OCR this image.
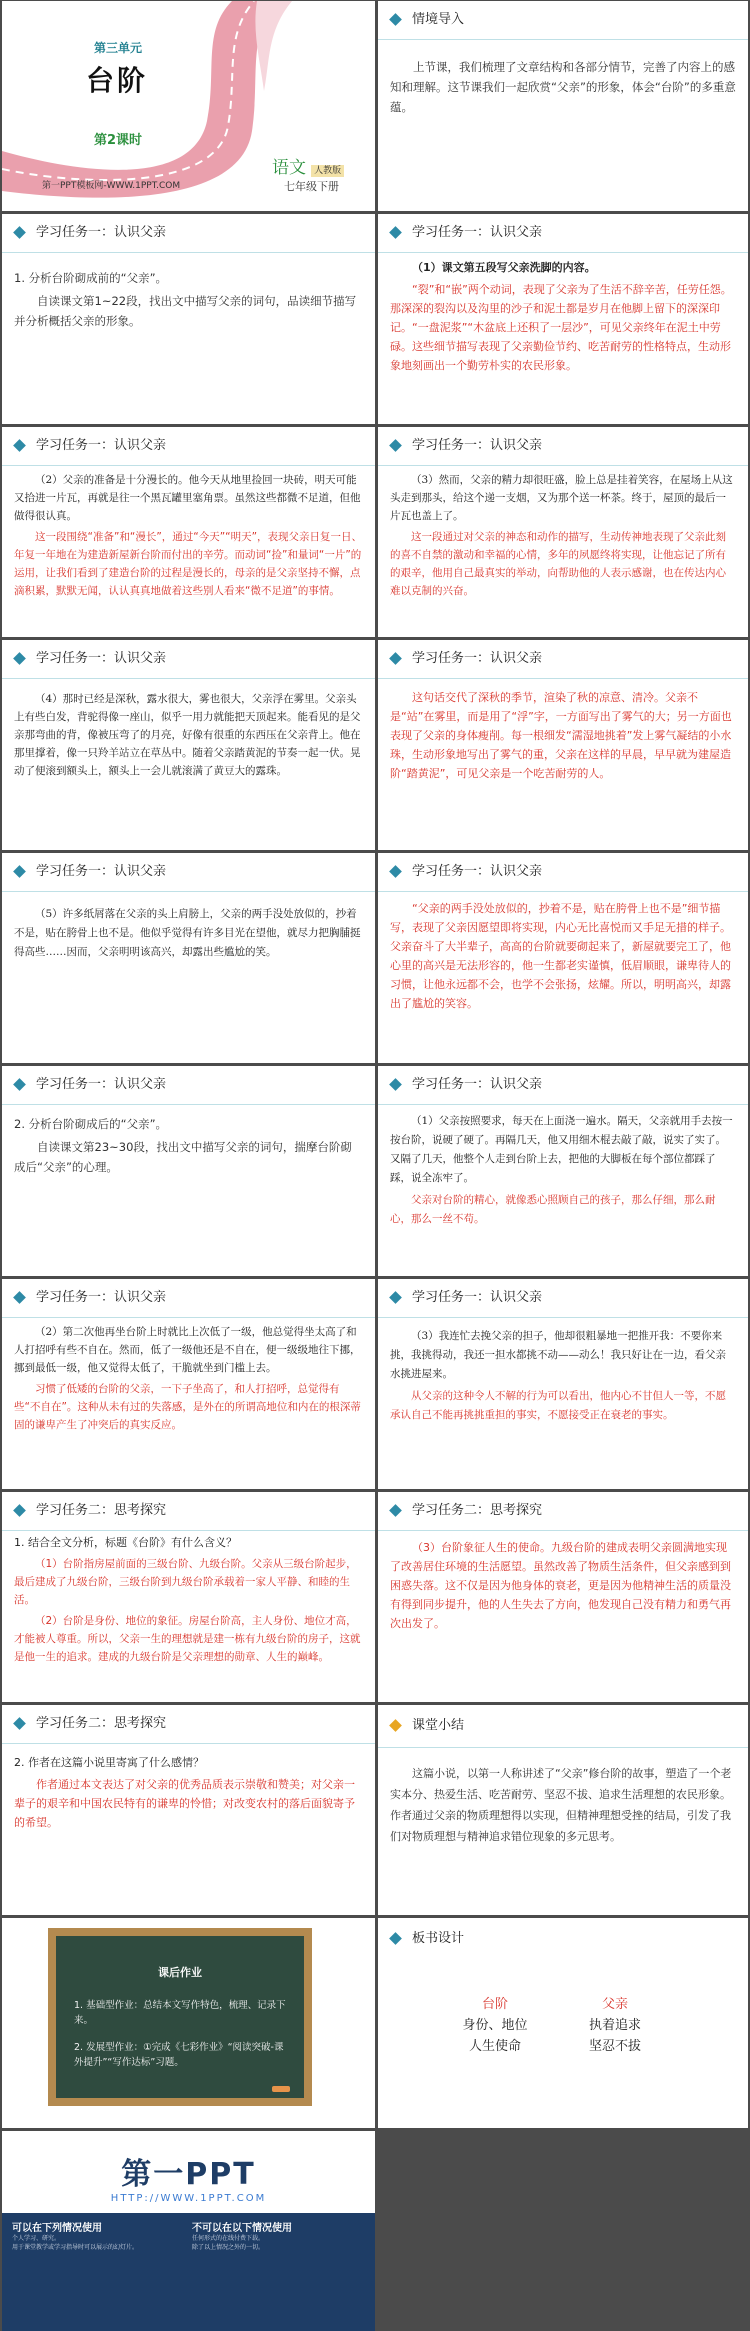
第三单元
台阶
第2课时
第一PPT模板网-WWW.1PPT.COM
语文 人教版
七年级下册
情境导入

上节课，我们梳理了文章结构和各部分情节，完善了内容上的感知和理解。这节课我们一起欣赏“父亲”的形象，体会“台阶”的多重意蕴。

学习任务一：认识父亲

1. 分析台阶砌成前的“父亲”。

自读课文第1~22段，找出文中描写父亲的词句，品读细节描写并分析概括父亲的形象。

学习任务一：认识父亲

（1）课文第五段写父亲洗脚的内容。

“裂”和“嵌”两个动词，表现了父亲为了生活不辞辛苦，任劳任怨。那深深的裂沟以及沟里的沙子和泥土都是岁月在他脚上留下的深深印记。“一盘泥浆”“木盆底上还积了一层沙”，可见父亲终年在泥土中劳碌。这些细节描写表现了父亲勤俭节约、吃苦耐劳的性格特点，生动形象地刻画出一个勤劳朴实的农民形象。

学习任务一：认识父亲

（2）父亲的准备是十分漫长的。他今天从地里捡回一块砖，明天可能又拾进一片瓦，再就是往一个黑瓦罐里塞角票。虽然这些都微不足道，但他做得很认真。

这一段围绕“准备”和“漫长”，通过“今天”“明天”，表现父亲日复一日、年复一年地在为建造新屋新台阶而付出的辛劳。而动词“捡”和量词“一片”的运用，让我们看到了建造台阶的过程是漫长的，母亲的是父亲坚持不懈，点滴积累，默默无闻，认认真真地做着这些别人看来“微不足道”的事情。

学习任务一：认识父亲

（3）然而，父亲的精力却很旺盛，脸上总是挂着笑容，在屋场上从这头走到那头，给这个递一支烟，又为那个送一杯茶。终于，屋顶的最后一片瓦也盖上了。

这一段通过对父亲的神态和动作的描写，生动传神地表现了父亲此刻的喜不自禁的激动和幸福的心情，多年的夙愿终将实现，让他忘记了所有的艰辛，他用自己最真实的举动，向帮助他的人表示感谢，也在传达内心难以克制的兴奋。

学习任务一：认识父亲

（4）那时已经是深秋，露水很大，雾也很大，父亲浮在雾里。父亲头上有些白发，背驼得像一座山，似乎一用力就能把天顶起来。能看见的是父亲那弯曲的背，像被压弯了的月亮，好像有很重的东西压在父亲背上。他在那里撑着，像一只羚羊站立在草丛中。随着父亲踏黄泥的节奏一起一伏。晃动了便滚到额头上，额头上一会儿就滚满了黄豆大的露珠。

学习任务一：认识父亲

这句话交代了深秋的季节，渲染了秋的凉意、清冷。父亲不是“站”在雾里，而是用了“浮”字，一方面写出了雾气的大；另一方面也表现了父亲的身体瘦削。每一根细发“濡湿地挑着”发上雾气凝结的小水珠，生动形象地写出了雾气的重，父亲在这样的早晨，早早就为建屋造阶“踏黄泥”，可见父亲是一个吃苦耐劳的人。

学习任务一：认识父亲

（5）许多纸屑落在父亲的头上肩膀上，父亲的两手没处放似的，抄着不是，贴在胯骨上也不是。他似乎觉得有许多目光在望他，就尽力把胸脯挺得高些……因而，父亲明明该高兴，却露出些尴尬的笑。

学习任务一：认识父亲

“父亲的两手没处放似的，抄着不是，贴在胯骨上也不是”细节描写，表现了父亲因愿望即将实现，内心无比喜悦而又手足无措的样子。父亲奋斗了大半辈子，高高的台阶就要砌起来了，新屋就要完工了，他心里的高兴是无法形容的，他一生都老实谨慎，低眉顺眼，谦卑待人的习惯，让他永远都不会，也学不会张扬，炫耀。所以，明明高兴，却露出了尴尬的笑容。

学习任务一：认识父亲

2. 分析台阶砌成后的“父亲”。

自读课文第23~30段，找出文中描写父亲的词句，揣摩台阶砌成后“父亲”的心理。

学习任务一：认识父亲

（1）父亲按照要求，每天在上面浇一遍水。隔天，父亲就用手去按一按台阶，说硬了硬了。再隔几天，他又用细木棍去敲了敲，说实了实了。又隔了几天，他整个人走到台阶上去，把他的大脚板在每个部位都踩了踩，说全冻牢了。

父亲对台阶的精心，就像悉心照顾自己的孩子，那么仔细，那么耐心，那么一丝不苟。

学习任务一：认识父亲

（2）第二次他再坐台阶上时就比上次低了一级，他总觉得坐太高了和人打招呼有些不自在。然而，低了一级他还是不自在，便一级级地往下挪，挪到最低一级，他又觉得太低了，干脆就坐到门槛上去。

习惯了低矮的台阶的父亲，一下子坐高了，和人打招呼，总觉得有些“不自在”。这种从未有过的失落感，是外在的所谓高地位和内在的根深蒂固的谦卑产生了冲突后的真实反应。

学习任务一：认识父亲

（3）我连忙去挽父亲的担子，他却很粗暴地一把推开我：不要你来挑，我挑得动，我还一担水都挑不动——动么！我只好让在一边，看父亲水挑进屋来。

从父亲的这种令人不解的行为可以看出，他内心不甘但人一等，不愿承认自己不能再挑挑重担的事实，不愿接受正在衰老的事实。

学习任务二：思考探究

1. 结合全文分析，标题《台阶》有什么含义？

（1）台阶指房屋前面的三级台阶、九级台阶。父亲从三级台阶起步，最后建成了九级台阶，三级台阶到九级台阶承载着一家人平静、和睦的生活。

（2）台阶是身份、地位的象征。房屋台阶高，主人身份、地位才高，才能被人尊重。所以，父亲一生的理想就是建一栋有九级台阶的房子，这就是他一生的追求。建成的九级台阶是父亲理想的勋章、人生的巅峰。

学习任务二：思考探究

（3）台阶象征人生的使命。九级台阶的建成表明父亲圆满地实现了改善居住环境的生活愿望。虽然改善了物质生活条件，但父亲感到到困惑失落。这不仅是因为他身体的衰老，更是因为他精神生活的质量没有得到同步提升，他的人生失去了方向，他发现自己没有精力和勇气再次出发了。

学习任务二：思考探究

2. 作者在这篇小说里寄寓了什么感情？

作者通过本文表达了对父亲的优秀品质表示崇敬和赞美；对父亲一辈子的艰辛和中国农民特有的谦卑的怜惜；对改变农村的落后面貌寄予的希望。

课堂小结

这篇小说，以第一人称讲述了“父亲”修台阶的故事，塑造了一个老实本分、热爱生活、吃苦耐劳、坚忍不拔、追求生活理想的农民形象。作者通过父亲的物质理想得以实现，但精神理想受挫的结局，引发了我们对物质理想与精神追求错位现象的多元思考。

课后作业
1. 基础型作业：总结本文写作特色，梳理、记录下来。
2. 发展型作业：①完成《七彩作业》“阅读突破-课外提升”“写作达标”习题。
板书设计
台阶	父亲
身份、地位	执着追求
人生使命	坚忍不拔
第一PPT
HTTP://WWW.1PPT.COM
可以在下列情况使用
个人学习、研究。
用于课堂教学或学习指导时可以展示的幻灯片。
不可以在以下情况使用
任何形式的在线付费下载。
除了以上情况之外的一切。
